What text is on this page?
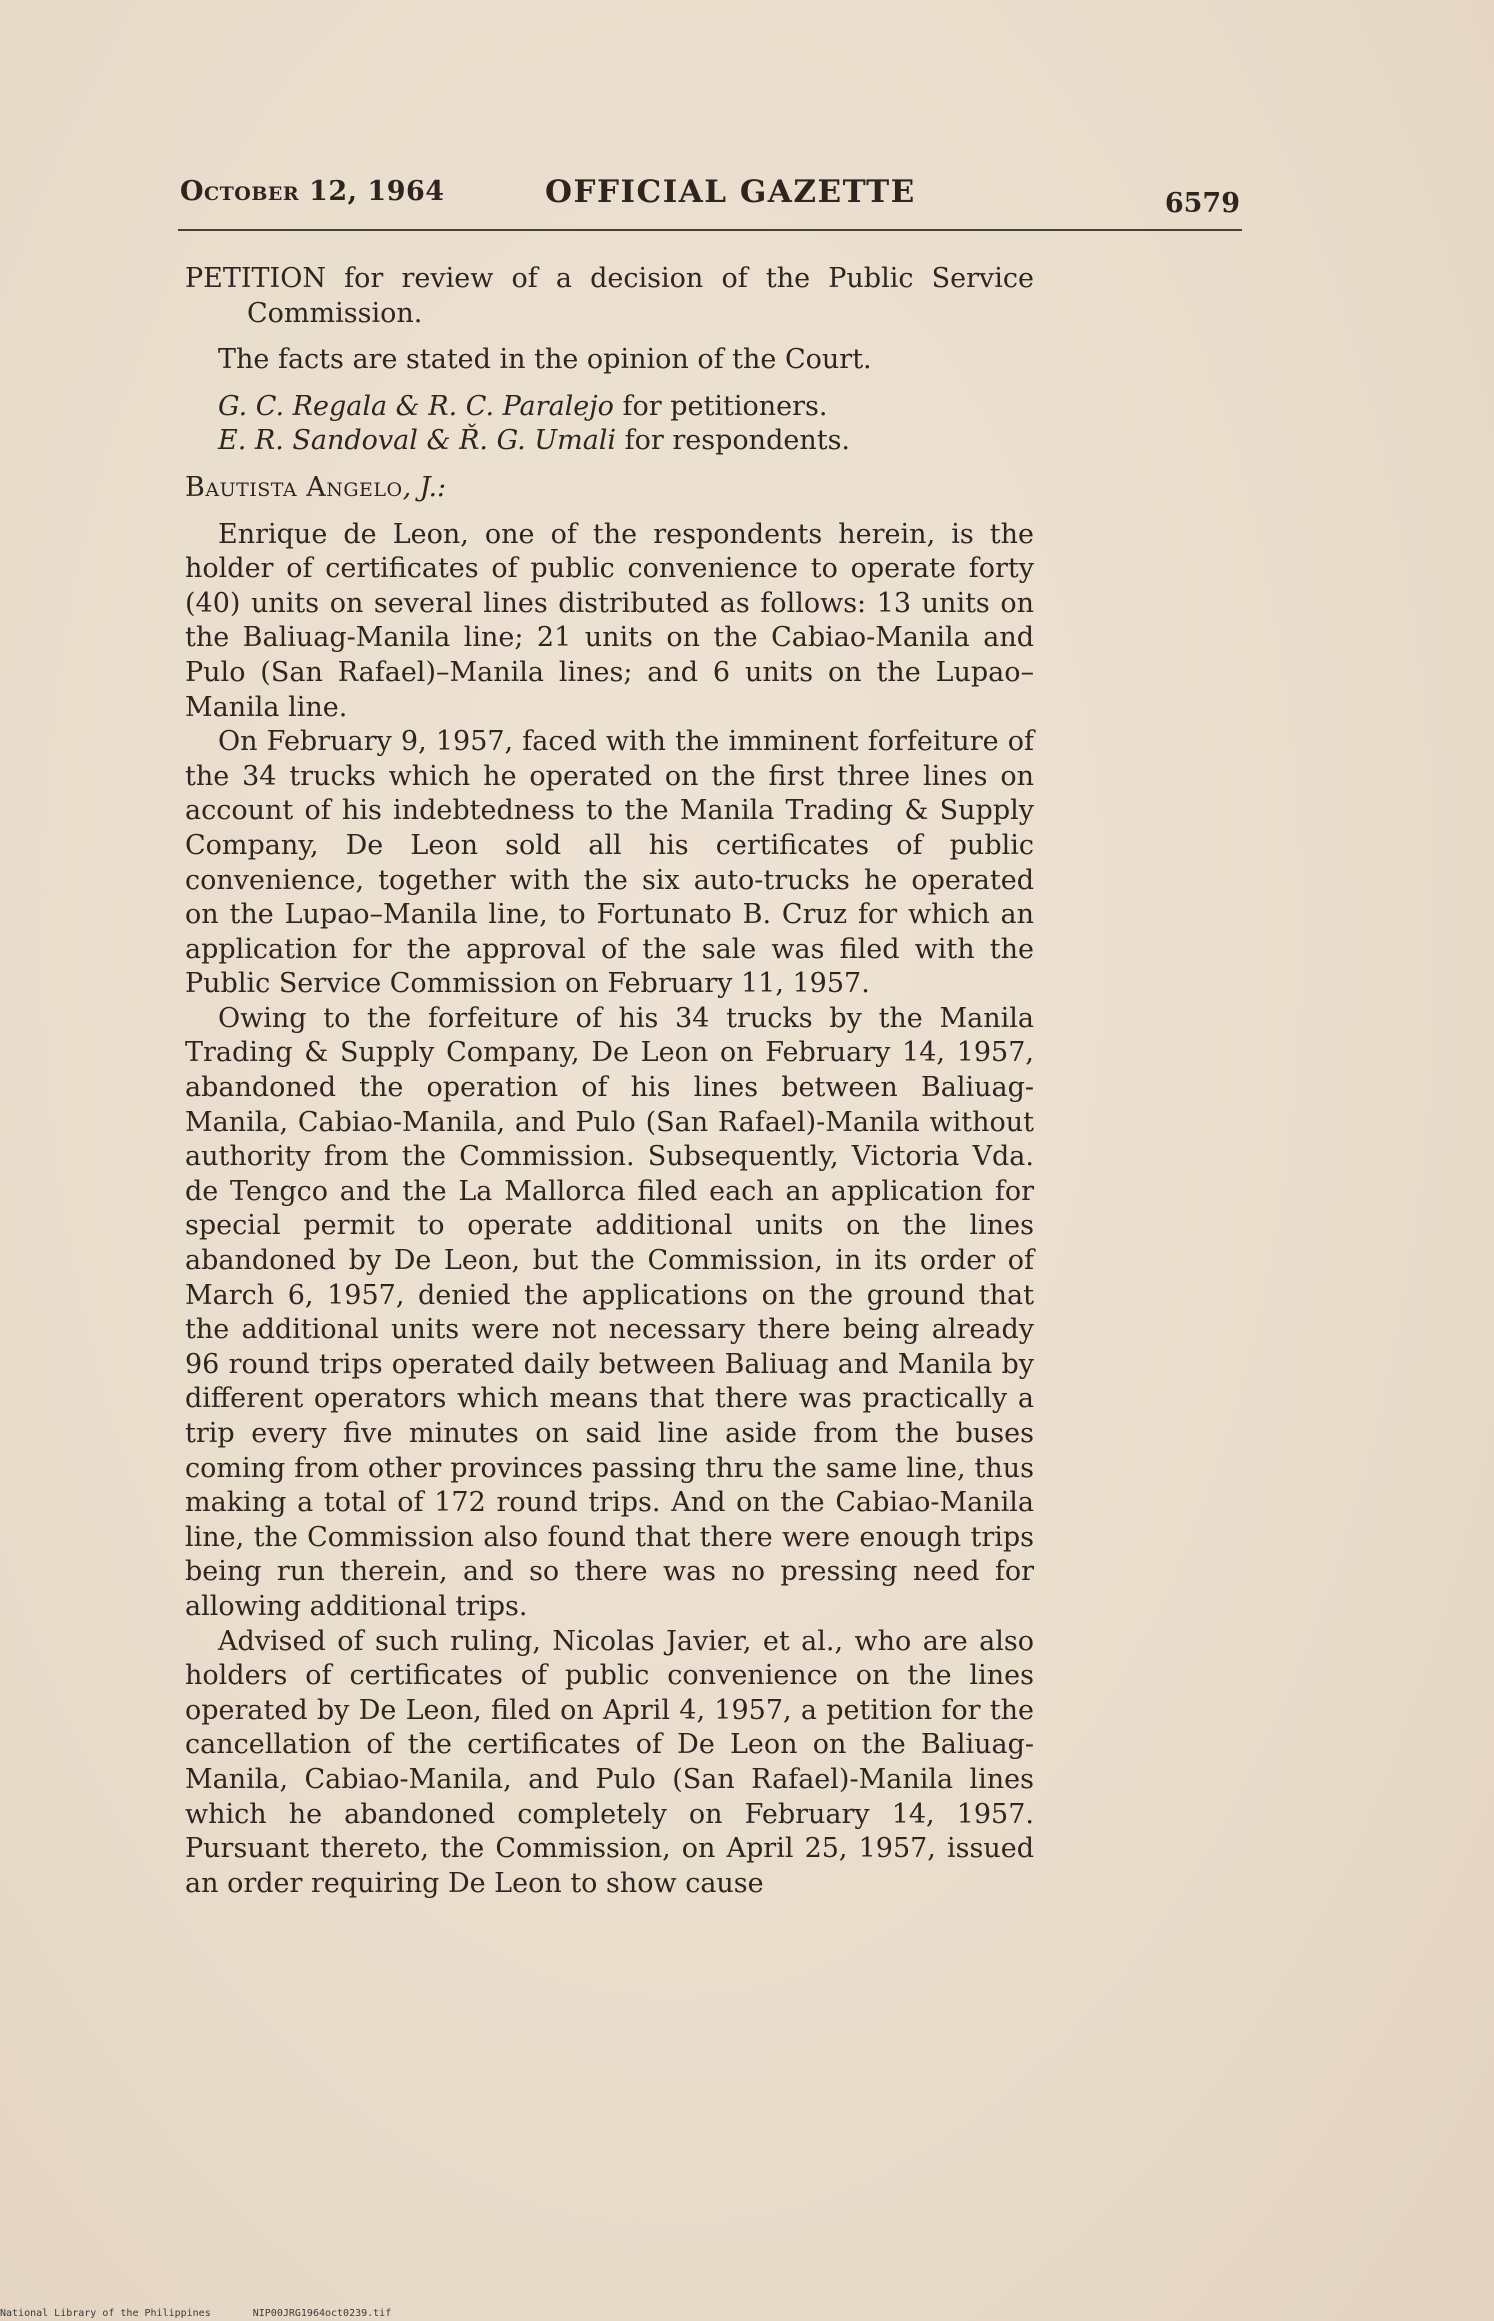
October 12, 1964	OFFICIAL GAZETTE	6579

PETITION for review of a decision of the Public Service Commission.

The facts are stated in the opinion of the Court.

G. C. Regala & R. C. Paralejo for petitioners.

E. R. Sandoval & Ř. G. Umali for respondents.

Bautista Angelo, J.:

Enrique de Leon, one of the respondents herein, is the holder of certificates of public convenience to operate forty (40) units on several lines distributed as follows: 13 units on the Baliuag-Manila line; 21 units on the Cabiao-Manila and Pulo (San Rafael)–Manila lines; and 6 units on the Lupao–Manila line.

On February 9, 1957, faced with the imminent forfeiture of the 34 trucks which he operated on the first three lines on account of his indebtedness to the Manila Trading & Supply Company, De Leon sold all his certificates of public convenience, together with the six auto-trucks he operated on the Lupao–Manila line, to Fortunato B. Cruz for which an application for the approval of the sale was filed with the Public Service Commission on February 11, 1957.

Owing to the forfeiture of his 34 trucks by the Manila Trading & Supply Company, De Leon on February 14, 1957, abandoned the operation of his lines between Baliuag-Manila, Cabiao-Manila, and Pulo (San Rafael)-Manila without authority from the Commission. Subsequently, Victoria Vda. de Tengco and the La Mallorca filed each an application for special permit to operate additional units on the lines abandoned by De Leon, but the Commission, in its order of March 6, 1957, denied the applications on the ground that the additional units were not necessary there being already 96 round trips operated daily between Baliuag and Manila by different operators which means that there was practically a trip every five minutes on said line aside from the buses coming from other provinces passing thru the same line, thus making a total of 172 round trips. And on the Cabiao-Manila line, the Commission also found that there were enough trips being run therein, and so there was no pressing need for allowing additional trips.

Advised of such ruling, Nicolas Javier, et al., who are also holders of certificates of public convenience on the lines operated by De Leon, filed on April 4, 1957, a petition for the cancellation of the certificates of De Leon on the Baliuag-Manila, Cabiao-Manila, and Pulo (San Rafael)-Manila lines which he abandoned completely on February 14, 1957. Pursuant thereto, the Commission, on April 25, 1957, issued an order requiring De Leon to show cause

National Library of the Philippines	NIP00JRG1964oct0239.tif
